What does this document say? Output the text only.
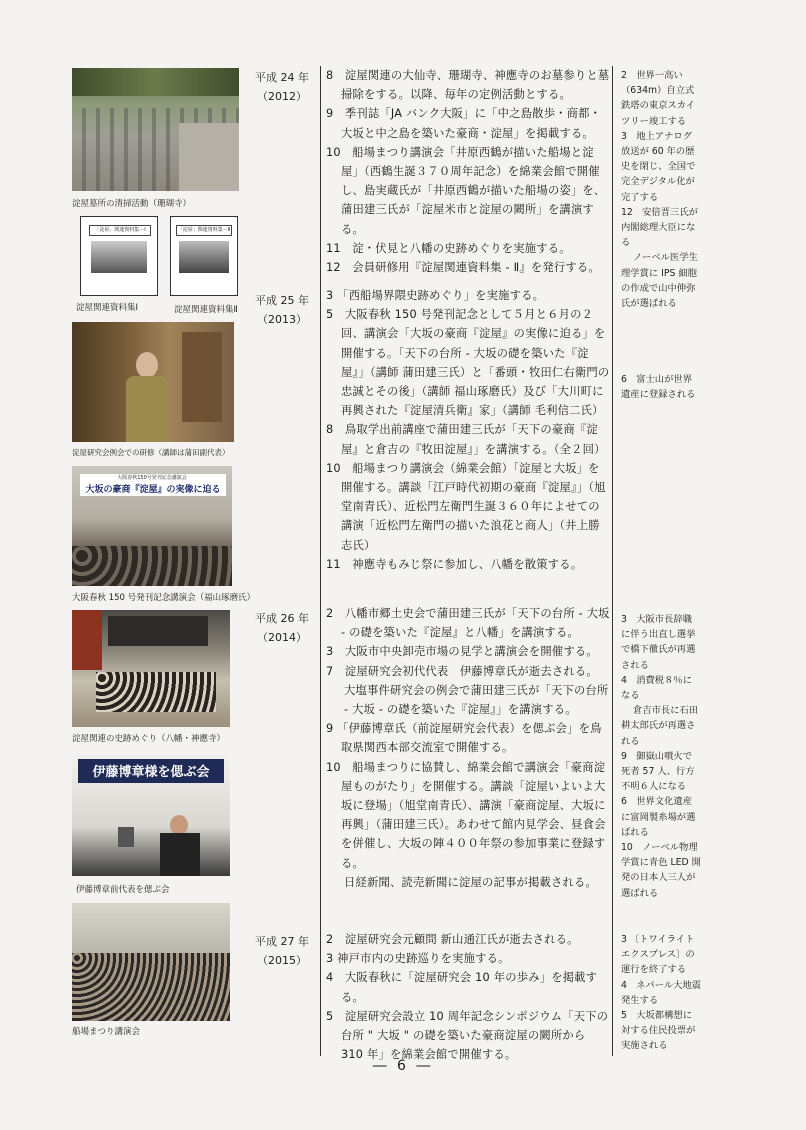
淀屋墓所の清掃活動（珊瑚寺）
「淀屋」関連資料集－Ⅰ	「淀屋」関連資料集－Ⅱ
淀屋関連資料集Ⅰ	淀屋関連資料集Ⅱ
淀屋研究会例会での研修（講師は蒲田副代表）
大阪春秋150号発刊記念講演会
大坂の豪商『淀屋』の実像に迫る
大阪春秋 150 号発刊記念講演会（福山琢磨氏）
淀屋関連の史跡めぐり（八幡・神應寺）
伊藤博章様を偲ぶ会
伊藤博章前代表を偲ぶ会
船場まつり講演会
平成 24 年
（2012）
平成 25 年
（2013）
平成 26 年
（2014）
平成 27 年
（2015）

8　淀屋関連の大仙寺、珊瑚寺、神應寺のお墓参りと墓掃除をする。以降、毎年の定例活動とする。

9　季刊誌「JA バンク大阪」に「中之島散歩・商都・大坂と中之島を築いた豪商・淀屋」を掲載する。

10　船場まつり講演会「井原西鶴が描いた船場と淀屋」（西鶴生誕３７０周年記念）を綿業会館で開催し、島実蔵氏が「井原西鶴が描いた船場の姿」を、蒲田建三氏が「淀屋米市と淀屋の闕所」を講演する。

11　淀・伏見と八幡の史跡めぐりを実施する。

12　会員研修用『淀屋関連資料集 - Ⅱ』を発行する。

3 「西船場界隈史跡めぐり」を実施する。

5　大阪春秋 150 号発刊記念として５月と６月の２回、講演会「大坂の豪商『淀屋』の実像に迫る」を開催する。「天下の台所 - 大坂の礎を築いた『淀屋』」（講師 蒲田建三氏）と「番頭・牧田仁右衛門の忠誠とその後」（講師 福山琢磨氏）及び「大川町に再興された『淀屋清兵衛』家」（講師 毛利信二氏）

8　鳥取学出前講座で蒲田建三氏が「天下の豪商『淀屋』と倉吉の『牧田淀屋』」を講演する。（全２回）

10　船場まつり講演会（綿業会館）「淀屋と大坂」を開催する。講談「江戸時代初期の豪商『淀屋』」（旭堂南青氏）、近松門左衛門生誕３６０年によせての講演「近松門左衛門の描いた浪花と商人」（井上勝志氏）

11　神應寺もみじ祭に参加し、八幡を散策する。

2　八幡市郷土史会で蒲田建三氏が「天下の台所 - 大坂 - の礎を築いた『淀屋』と八幡」を講演する。

3　大阪市中央卸売市場の見学と講演会を開催する。

7　淀屋研究会初代代表　伊藤博章氏が逝去される。

大塩事件研究会の例会で蒲田建三氏が「天下の台所 - 大坂 - の礎を築いた『淀屋』」を講演する。

9 「伊藤博章氏（前淀屋研究会代表）を偲ぶ会」を鳥取県関西本部交流室で開催する。

10　船場まつりに協賛し、綿業会館で講演会「豪商淀屋ものがたり」を開催する。講談「淀屋いよいよ大坂に登場」（旭堂南青氏）、講演「豪商淀屋、大坂に再興」（蒲田建三氏）。あわせて館内見学会、昼食会を併催し、大坂の陣４００年祭の参加事業に登録する。

日経新聞、読売新聞に淀屋の記事が掲載される。

2　淀屋研究会元顧問 新山通江氏が逝去される。

3 神戸市内の史跡巡りを実施する。

4　大阪春秋に「淀屋研究会 10 年の歩み」を掲載する。

5　淀屋研究会設立 10 周年記念シンポジウム「天下の台所 " 大坂 " の礎を築いた豪商淀屋の闕所から 310 年」を綿業会館で開催する。

2　世界一高い（634m）自立式鉄塔の東京スカイツリー竣工する

3　地上アナログ放送が 60 年の歴史を閉じ、全国で完全デジタル化が完了する

12　安倍晋三氏が内閣総理大臣になる

ノーベル医学生理学賞に IPS 細胞の作成で山中伸弥氏が選ばれる

6　富士山が世界遺産に登録される

3　大阪市長辞職に伴う出直し選挙で橋下徹氏が再選される

4　消費税８％になる

倉吉市長に石田耕太郎氏が再選される

9　御嶽山噴火で死者 57 人、行方不明６人になる

6　世界文化遺産に富岡製糸場が選ばれる

10　ノーベル物理学賞に青色 LED 開発の日本人三人が選ばれる

3 〔トワイライトエクスプレス〕の運行を終了する

4　ネパール大地震発生する

5　大坂都構想に対する住民投票が実施される

― 6 ―
